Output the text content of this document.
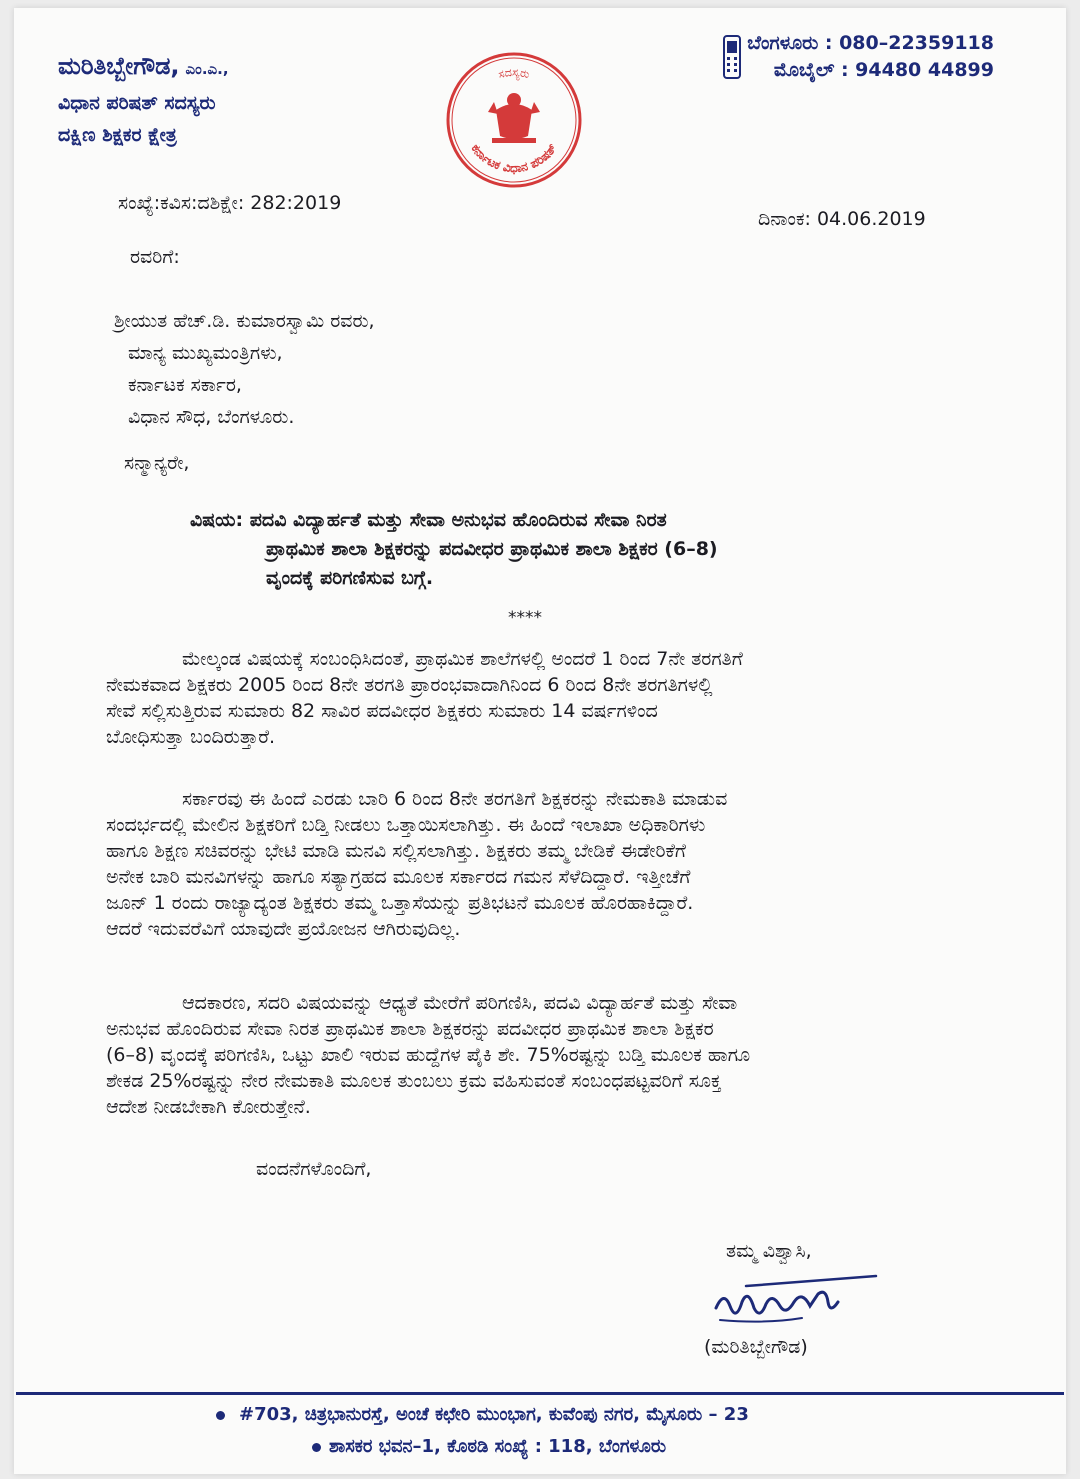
ಮರಿತಿಬ್ಬೇಗೌಡ, ಎಂ.ಎ.,
ವಿಧಾನ ಪರಿಷತ್ ಸದಸ್ಯರು
ದಕ್ಷಿಣ ಶಿಕ್ಷಕರ ಕ್ಷೇತ್ರ
ಬೆಂಗಳೂರು : 080–22359118
ಮೊಬೈಲ್ : 94480 44899
ಸದಸ್ಯರು
ಕರ್ನಾಟಕ ವಿಧಾನ ಪರಿಷತ್
ಸಂಖ್ಯೆ:ಕವಿಸ:ದಶಿಕ್ಷೇ: 282:2019
ದಿನಾಂಕ: 04.06.2019
ರವರಿಗೆ:
ಶ್ರೀಯುತ ಹೆಚ್.ಡಿ. ಕುಮಾರಸ್ವಾಮಿ ರವರು,
ಮಾನ್ಯ ಮುಖ್ಯಮಂತ್ರಿಗಳು,
ಕರ್ನಾಟಕ ಸರ್ಕಾರ,
ವಿಧಾನ ಸೌಧ, ಬೆಂಗಳೂರು.
ಸನ್ಮಾನ್ಯರೇ,
ವಿಷಯ: ಪದವಿ ವಿದ್ಯಾರ್ಹತೆ ಮತ್ತು ಸೇವಾ ಅನುಭವ ಹೊಂದಿರುವ ಸೇವಾ ನಿರತ
ಪ್ರಾಥಮಿಕ ಶಾಲಾ ಶಿಕ್ಷಕರನ್ನು ಪದವೀಧರ ಪ್ರಾಥಮಿಕ ಶಾಲಾ ಶಿಕ್ಷಕರ (6–8)
ವೃಂದಕ್ಕೆ ಪರಿಗಣಿಸುವ ಬಗ್ಗೆ.
****
ಮೇಲ್ಕಂಡ ವಿಷಯಕ್ಕೆ ಸಂಬಂಧಿಸಿದಂತೆ, ಪ್ರಾಥಮಿಕ ಶಾಲೆಗಳಲ್ಲಿ ಅಂದರೆ 1 ರಿಂದ 7ನೇ ತರಗತಿಗೆ
ನೇಮಕವಾದ ಶಿಕ್ಷಕರು 2005 ರಿಂದ 8ನೇ ತರಗತಿ ಪ್ರಾರಂಭವಾದಾಗಿನಿಂದ 6 ರಿಂದ 8ನೇ ತರಗತಿಗಳಲ್ಲಿ
ಸೇವೆ ಸಲ್ಲಿಸುತ್ತಿರುವ ಸುಮಾರು 82 ಸಾವಿರ ಪದವೀಧರ ಶಿಕ್ಷಕರು ಸುಮಾರು 14 ವರ್ಷಗಳಿಂದ
ಬೋಧಿಸುತ್ತಾ ಬಂದಿರುತ್ತಾರೆ.
ಸರ್ಕಾರವು ಈ ಹಿಂದೆ ಎರಡು ಬಾರಿ 6 ರಿಂದ 8ನೇ ತರಗತಿಗೆ ಶಿಕ್ಷಕರನ್ನು ನೇಮಕಾತಿ ಮಾಡುವ
ಸಂದರ್ಭದಲ್ಲಿ ಮೇಲಿನ ಶಿಕ್ಷಕರಿಗೆ ಬಡ್ತಿ ನೀಡಲು ಒತ್ತಾಯಿಸಲಾಗಿತ್ತು. ಈ ಹಿಂದೆ ಇಲಾಖಾ ಅಧಿಕಾರಿಗಳು
ಹಾಗೂ ಶಿಕ್ಷಣ ಸಚಿವರನ್ನು ಭೇಟಿ ಮಾಡಿ ಮನವಿ ಸಲ್ಲಿಸಲಾಗಿತ್ತು. ಶಿಕ್ಷಕರು ತಮ್ಮ ಬೇಡಿಕೆ ಈಡೇರಿಕೆಗೆ
ಅನೇಕ ಬಾರಿ ಮನವಿಗಳನ್ನು ಹಾಗೂ ಸತ್ಯಾಗ್ರಹದ ಮೂಲಕ ಸರ್ಕಾರದ ಗಮನ ಸೆಳೆದಿದ್ದಾರೆ. ಇತ್ತೀಚೆಗೆ
ಜೂನ್ 1 ರಂದು ರಾಜ್ಯಾದ್ಯಂತ ಶಿಕ್ಷಕರು ತಮ್ಮ ಒತ್ತಾಸೆಯನ್ನು ಪ್ರತಿಭಟನೆ ಮೂಲಕ ಹೊರಹಾಕಿದ್ದಾರೆ.
ಆದರೆ ಇದುವರೆವಿಗೆ ಯಾವುದೇ ಪ್ರಯೋಜನ ಆಗಿರುವುದಿಲ್ಲ.
ಆದಕಾರಣ, ಸದರಿ ವಿಷಯವನ್ನು ಆಧ್ಯತೆ ಮೇರೆಗೆ ಪರಿಗಣಿಸಿ, ಪದವಿ ವಿದ್ಯಾರ್ಹತೆ ಮತ್ತು ಸೇವಾ
ಅನುಭವ ಹೊಂದಿರುವ ಸೇವಾ ನಿರತ ಪ್ರಾಥಮಿಕ ಶಾಲಾ ಶಿಕ್ಷಕರನ್ನು ಪದವೀಧರ ಪ್ರಾಥಮಿಕ ಶಾಲಾ ಶಿಕ್ಷಕರ
(6–8) ವೃಂದಕ್ಕೆ ಪರಿಗಣಿಸಿ, ಒಟ್ಟು ಖಾಲಿ ಇರುವ ಹುದ್ದೆಗಳ ಪೈಕಿ ಶೇ. 75%ರಷ್ಟನ್ನು ಬಡ್ತಿ ಮೂಲಕ ಹಾಗೂ
ಶೇಕಡ 25%ರಷ್ಟನ್ನು ನೇರ ನೇಮಕಾತಿ ಮೂಲಕ ತುಂಬಲು ಕ್ರಮ ವಹಿಸುವಂತೆ ಸಂಬಂಧಪಟ್ಟವರಿಗೆ ಸೂಕ್ತ
ಆದೇಶ ನೀಡಬೇಕಾಗಿ ಕೋರುತ್ತೇನೆ.
ವಂದನೆಗಳೊಂದಿಗೆ,
ತಮ್ಮ ವಿಶ್ವಾಸಿ,
(ಮರಿತಿಬ್ಬೇಗೌಡ)
#703, ಚಿತ್ರಭಾನುರಸ್ತೆ, ಅಂಚೆ ಕಛೇರಿ ಮುಂಭಾಗ, ಕುವೆಂಪು ನಗರ, ಮೈಸೂರು – 23
ಶಾಸಕರ ಭವನ–1, ಕೊಠಡಿ ಸಂಖ್ಯೆ : 118, ಬೆಂಗಳೂರು
